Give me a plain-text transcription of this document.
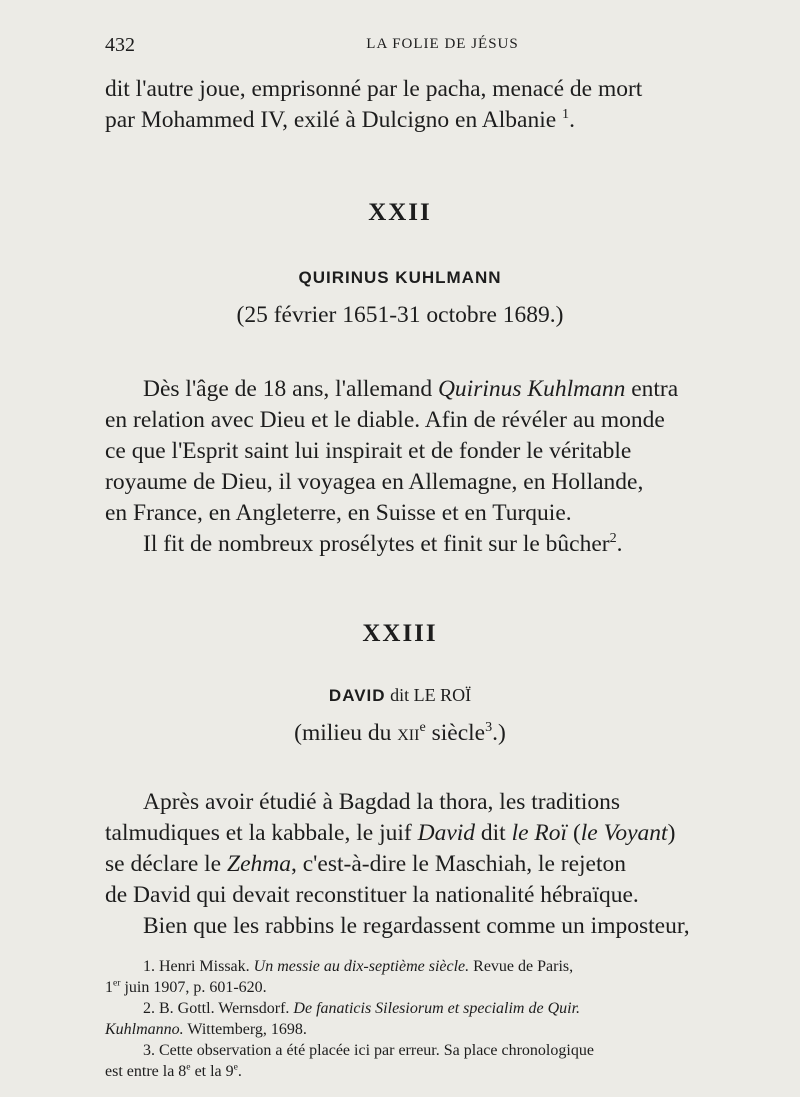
432	LA FOLIE DE JÉSUS

dit l'autre joue, emprisonné par le pacha, menacé de mort
par Mohammed IV, exilé à Dulcigno en Albanie $^1$.

XXII
QUIRINUS KUHLMANN

(25 février 1651-31 octobre 1689.)

Dès l'âge de 18 ans, l'allemand Quirinus Kuhlmann entra
en relation avec Dieu et le diable. Afin de révéler au monde
ce que l'Esprit saint lui inspirait et de fonder le véritable
royaume de Dieu, il voyagea en Allemagne, en Hollande,
en France, en Angleterre, en Suisse et en Turquie.
Il fit de nombreux prosélytes et finit sur le bûcher$^2$.

XXIII
DAVID dit LE ROÏ

(milieu du xii$^e$ siècle$^3$.)

Après avoir étudié à Bagdad la thora, les traditions
talmudiques et la kabbale, le juif David dit le Roï (le Voyant)
se déclare le Zehma, c'est-à-dire le Maschiah, le rejeton
de David qui devait reconstituer la nationalité hébraïque.
Bien que les rabbins le regardassent comme un imposteur,

1. Henri Missak. Un messie au dix-septième siècle. Revue de Paris,
1er juin 1907, p. 601-620.
2. B. Gottl. Wernsdorf. De fanaticis Silesiorum et specialim de Quir.
Kuhlmanno. Wittemberg, 1698.
3. Cette observation a été placée ici par erreur. Sa place chronologique
est entre la 8e et la 9e.
